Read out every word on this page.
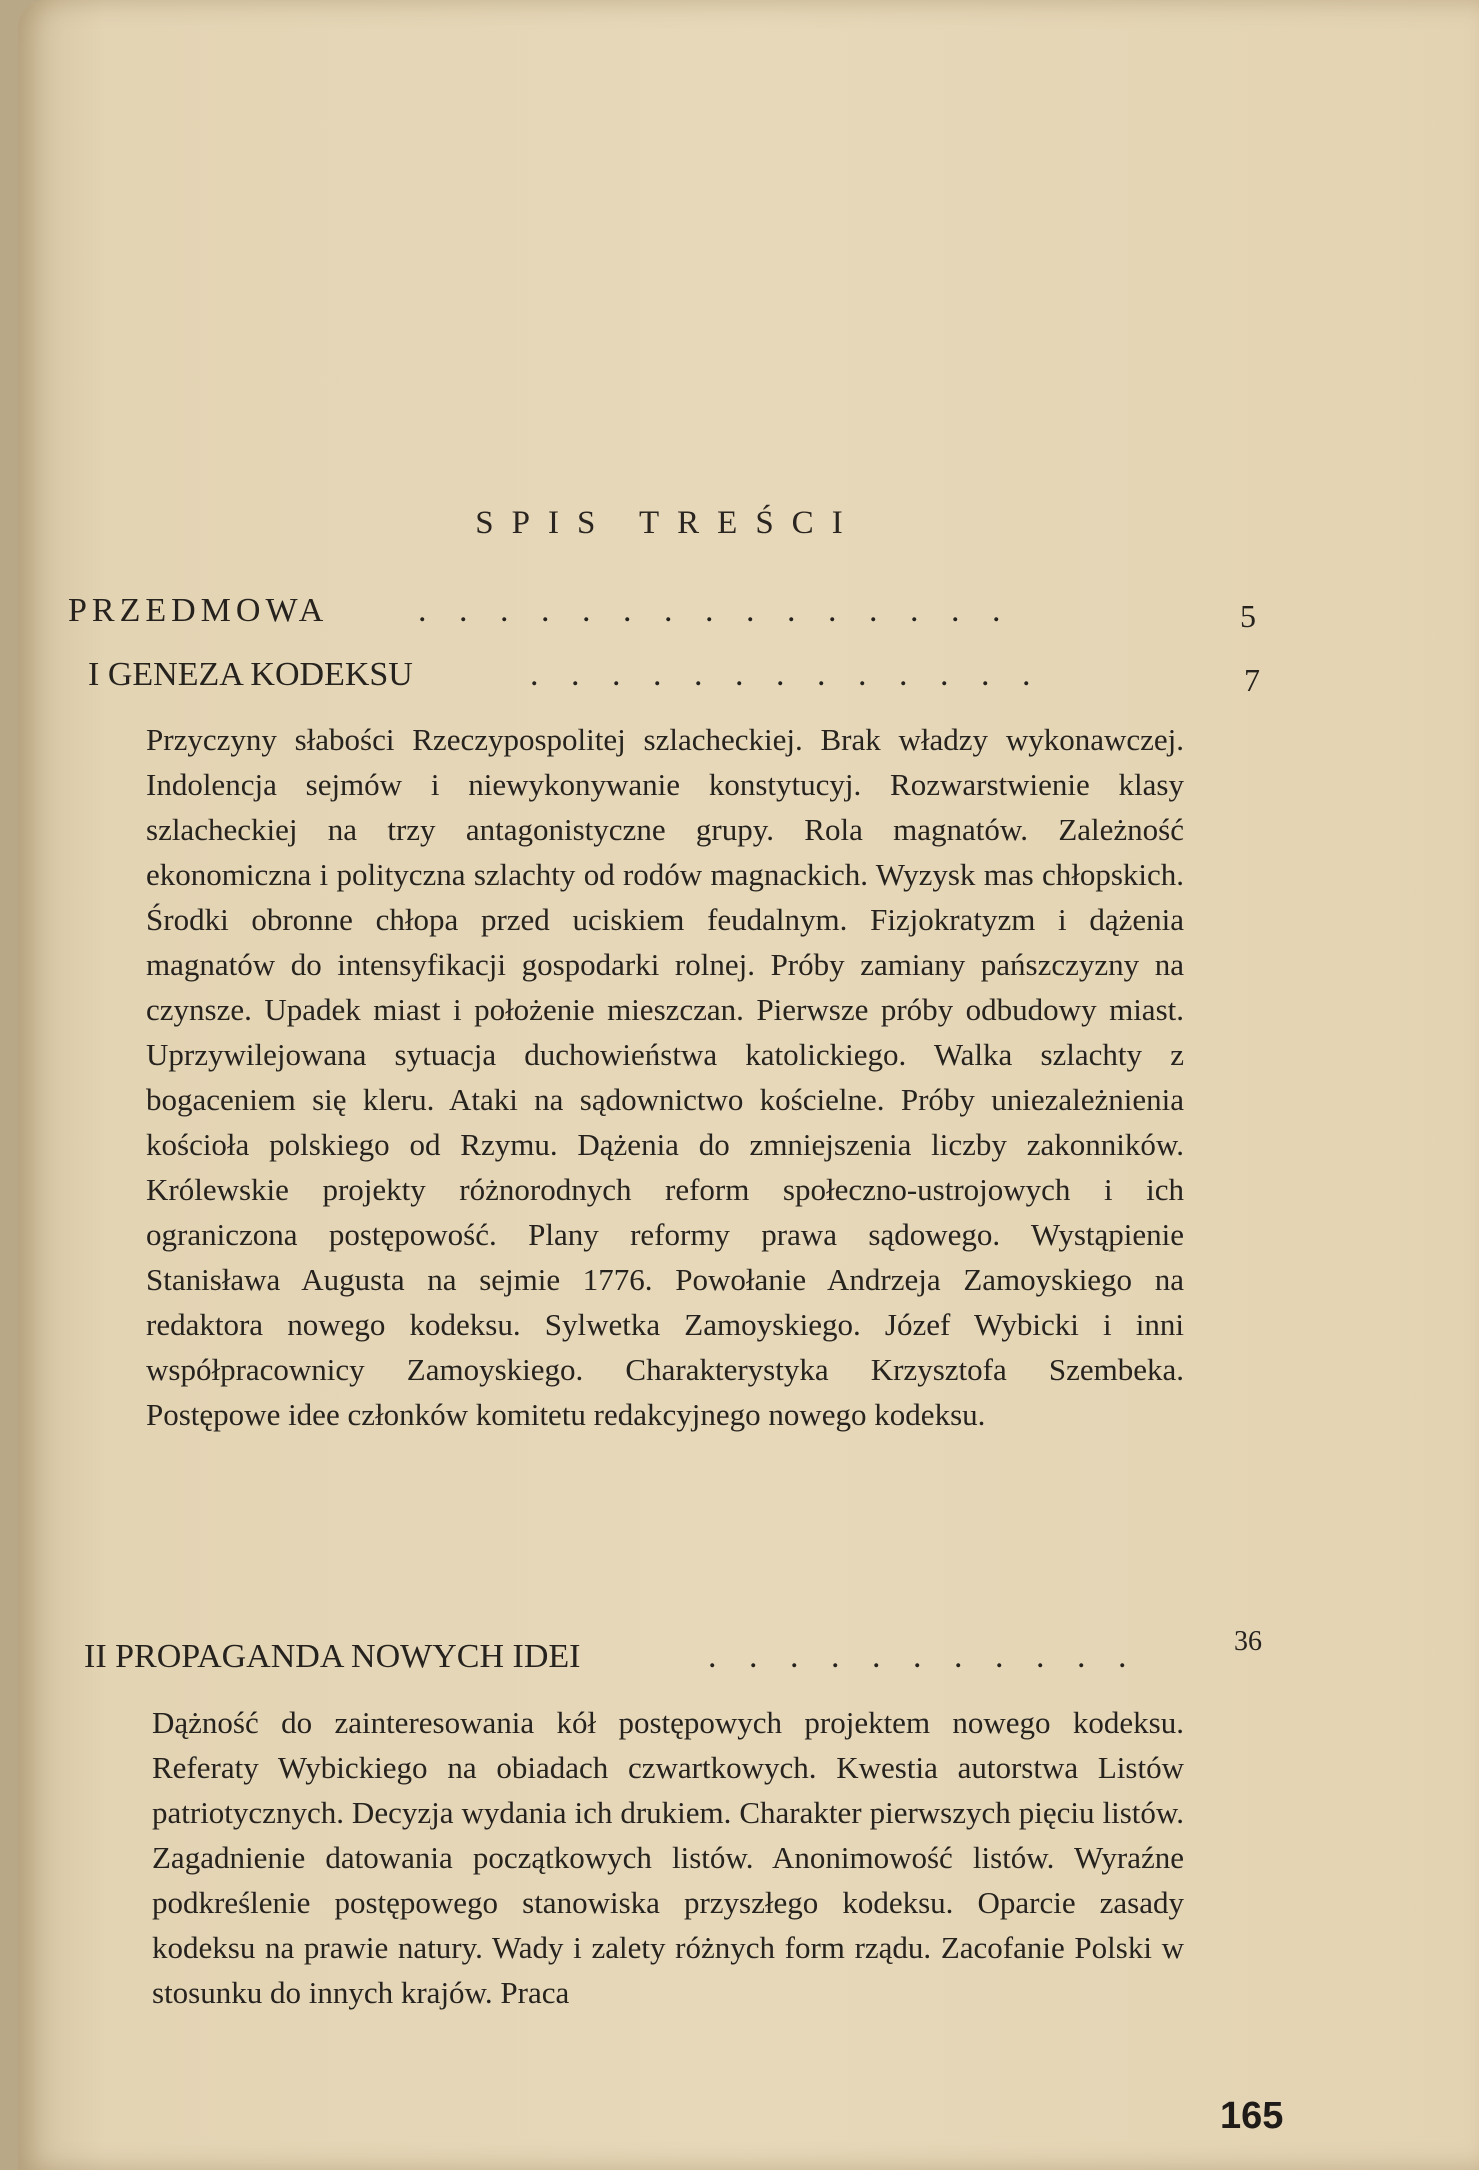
SPIS TREŚCI
PRZEDMOWA	. . . . . . . . . . . . . . .	5
I GENEZA KODEKSU	. . . . . . . . . . . . .	7
Przyczyny słabości Rzeczypospolitej szlacheckiej. Brak władzy wykonawczej. Indolencja sejmów i niewykonywanie konstytucyj. Rozwarstwienie klasy szlacheckiej na trzy antagonistyczne grupy. Rola magnatów. Zależność ekonomiczna i polityczna szlachty od rodów magnackich. Wyzysk mas chłopskich. Środki obronne chłopa przed uciskiem feudalnym. Fizjokratyzm i dążenia magnatów do intensyfikacji gospodarki rolnej. Próby zamiany pańszczyzny na czynsze. Upadek miast i położenie mieszczan. Pierwsze próby odbudowy miast. Uprzywilejowana sytuacja duchowieństwa katolickiego. Walka szlachty z bogaceniem się kleru. Ataki na sądownictwo kościelne. Próby uniezależnienia kościoła polskiego od Rzymu. Dążenia do zmniejszenia liczby zakonników. Królewskie projekty różnorodnych reform społeczno-ustrojowych i ich ograniczona postępowość. Plany reformy prawa sądowego. Wystąpienie Stanisława Augusta na sejmie 1776. Powołanie Andrzeja Zamoyskiego na redaktora nowego kodeksu. Sylwetka Zamoyskiego. Józef Wybicki i inni współpracownicy Zamoyskiego. Charakterystyka Krzysztofa Szembeka. Postępowe idee członków komitetu redakcyjnego nowego kodeksu.
II PROPAGANDA NOWYCH IDEI	. . . . . . . . . . .	36
Dążność do zainteresowania kół postępowych projektem nowego kodeksu. Referaty Wybickiego na obiadach czwartkowych. Kwestia autorstwa Listów patriotycznych. Decyzja wydania ich drukiem. Charakter pierwszych pięciu listów. Zagadnienie datowania początkowych listów. Anonimowość listów. Wyraźne podkreślenie postępowego stanowiska przyszłego kodeksu. Oparcie zasady kodeksu na prawie natury. Wady i zalety różnych form rządu. Zacofanie Polski w stosunku do innych krajów. Praca
165
